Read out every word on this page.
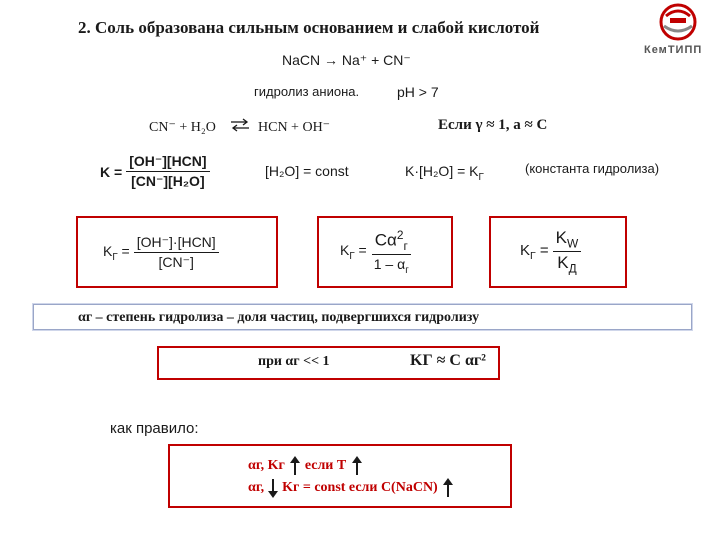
КемТИПП
2. Соль образована сильным основанием и слабой кислотой
NaCN → Na⁺ + CN⁻
гидролиз аниона.	pH > 7
CN⁻ + H₂O ⇌ HCN + OH⁻	Если γ ≈ 1, a ≈ C
$K = \frac{\text{[OH⁻][HCN]}}{\text{[CN⁻][H₂O]}}$	[H₂O] = const	$K\cdot[H_2O] = K_Г$
(константа гидролиза)
$K_Г = \frac{\text{[OH⁻]·[HCN]}}{[CN^-]}$	$K_Г = \frac{C\alpha^2_г}{1 - \alpha_г}$	$K_Г = \frac{K_W}{K_Д}$
αг – степень гидролиза – доля частиц, подвергшихся гидролизу
при αг << 1	KГ ≈ C αг²
как правило:
αг, Kг если T
αг, Kг = const если C(NaCN)
